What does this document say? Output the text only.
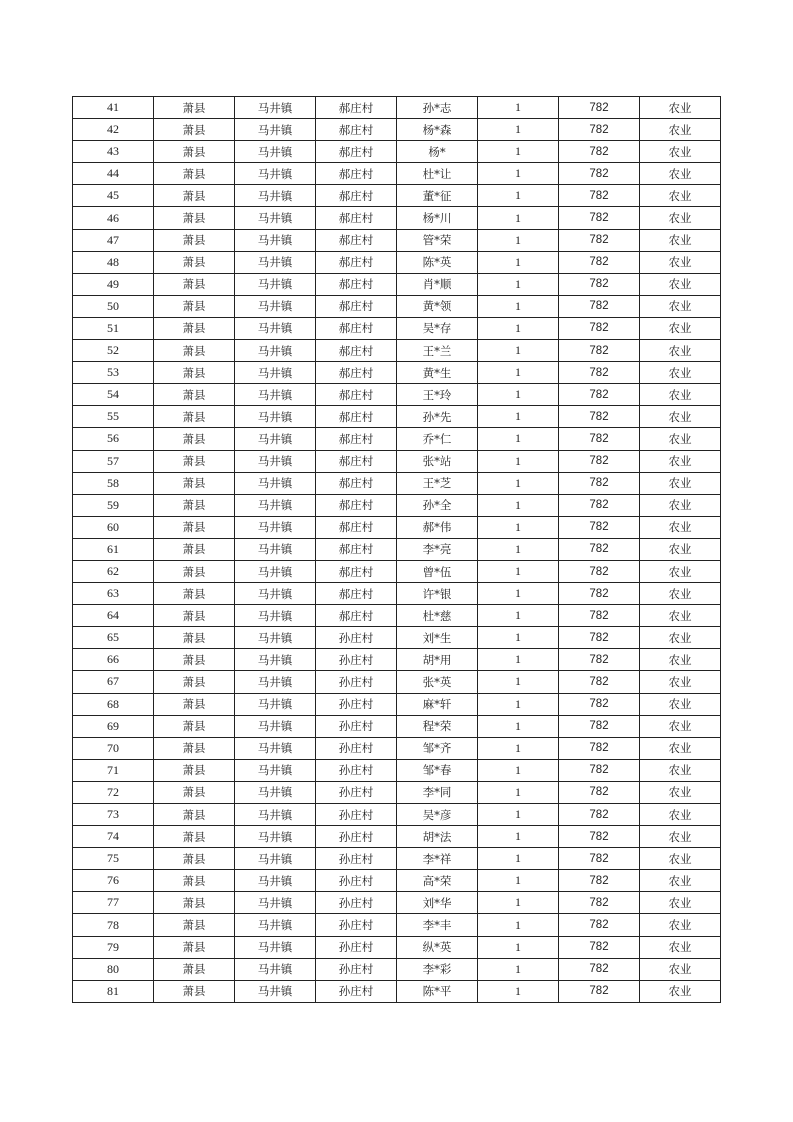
41	萧县	马井镇	郝庄村	孙*志	1	782	农业
42	萧县	马井镇	郝庄村	杨*森	1	782	农业
43	萧县	马井镇	郝庄村	杨*	1	782	农业
44	萧县	马井镇	郝庄村	杜*让	1	782	农业
45	萧县	马井镇	郝庄村	董*征	1	782	农业
46	萧县	马井镇	郝庄村	杨*川	1	782	农业
47	萧县	马井镇	郝庄村	管*荣	1	782	农业
48	萧县	马井镇	郝庄村	陈*英	1	782	农业
49	萧县	马井镇	郝庄村	肖*顺	1	782	农业
50	萧县	马井镇	郝庄村	黄*领	1	782	农业
51	萧县	马井镇	郝庄村	吴*存	1	782	农业
52	萧县	马井镇	郝庄村	王*兰	1	782	农业
53	萧县	马井镇	郝庄村	黄*生	1	782	农业
54	萧县	马井镇	郝庄村	王*玲	1	782	农业
55	萧县	马井镇	郝庄村	孙*先	1	782	农业
56	萧县	马井镇	郝庄村	乔*仁	1	782	农业
57	萧县	马井镇	郝庄村	张*站	1	782	农业
58	萧县	马井镇	郝庄村	王*芝	1	782	农业
59	萧县	马井镇	郝庄村	孙*全	1	782	农业
60	萧县	马井镇	郝庄村	郝*伟	1	782	农业
61	萧县	马井镇	郝庄村	李*亮	1	782	农业
62	萧县	马井镇	郝庄村	曾*伍	1	782	农业
63	萧县	马井镇	郝庄村	许*银	1	782	农业
64	萧县	马井镇	郝庄村	杜*慈	1	782	农业
65	萧县	马井镇	孙庄村	刘*生	1	782	农业
66	萧县	马井镇	孙庄村	胡*用	1	782	农业
67	萧县	马井镇	孙庄村	张*英	1	782	农业
68	萧县	马井镇	孙庄村	麻*轩	1	782	农业
69	萧县	马井镇	孙庄村	程*荣	1	782	农业
70	萧县	马井镇	孙庄村	邹*齐	1	782	农业
71	萧县	马井镇	孙庄村	邹*春	1	782	农业
72	萧县	马井镇	孙庄村	李*同	1	782	农业
73	萧县	马井镇	孙庄村	吴*彦	1	782	农业
74	萧县	马井镇	孙庄村	胡*法	1	782	农业
75	萧县	马井镇	孙庄村	李*祥	1	782	农业
76	萧县	马井镇	孙庄村	高*荣	1	782	农业
77	萧县	马井镇	孙庄村	刘*华	1	782	农业
78	萧县	马井镇	孙庄村	李*丰	1	782	农业
79	萧县	马井镇	孙庄村	纵*英	1	782	农业
80	萧县	马井镇	孙庄村	李*彩	1	782	农业
81	萧县	马井镇	孙庄村	陈*平	1	782	农业
